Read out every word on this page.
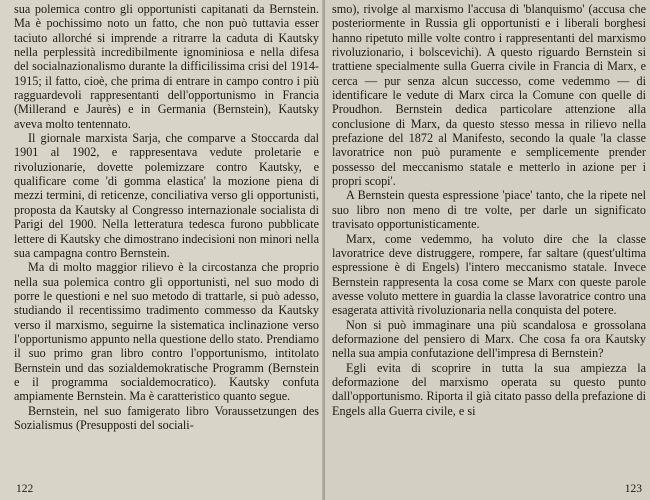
sua polemica contro gli opportunisti capitanati da Bernstein. Ma è pochissimo noto un fatto, che non può tuttavia esser taciuto allorché si imprende a ritrarre la caduta di Kautsky nella perplessità incredibilmente ignominiosa e nella difesa del socialnazionalismo durante la difficilissima crisi del 1914-1915; il fatto, cioè, che prima di entrare in campo contro i più ragguardevoli rappresentanti dell'opportunismo in Francia (Millerand e Jaurès) e in Germania (Bernstein), Kautsky aveva molto tentennato.

Il giornale marxista Sarja, che comparve a Stoccarda dal 1901 al 1902, e rappresentava vedute proletarie e rivoluzionarie, dovette polemizzare contro Kautsky, e qualificare come 'di gomma elastica' la mozione piena di mezzi termini, di reticenze, conciliativa verso gli opportunisti, proposta da Kautsky al Congresso internazionale socialista di Parigi del 1900. Nella letteratura tedesca furono pubblicate lettere di Kautsky che dimostrano indecisioni non minori nella sua campagna contro Bernstein.

Ma di molto maggior rilievo è la circostanza che proprio nella sua polemica contro gli opportunisti, nel suo modo di porre le questioni e nel suo metodo di trattarle, si può adesso, studiando il recentissimo tradimento commesso da Kautsky verso il marxismo, seguirne la sistematica inclinazione verso l'opportunismo appunto nella questione dello stato. Prendiamo il suo primo gran libro contro l'opportunismo, intitolato Bernstein und das sozialdemokratische Programm (Bernstein e il programma socialdemocratico). Kautsky confuta ampiamente Bernstein. Ma è caratteristico quanto segue.

Bernstein, nel suo famigerato libro Voraussetzungen des Sozialismus (Presupposti del sociali-

122

smo), rivolge al marxismo l'accusa di 'blanquismo' (accusa che posteriormente in Russia gli opportunisti e i liberali borghesi hanno ripetuto mille volte contro i rappresentanti del marxismo rivoluzionario, i bolscevichi). A questo riguardo Bernstein si trattiene specialmente sulla Guerra civile in Francia di Marx, e cerca — pur senza alcun successo, come vedemmo — di identificare le vedute di Marx circa la Comune con quelle di Proudhon. Bernstein dedica particolare attenzione alla conclusione di Marx, da questo stesso messa in rilievo nella prefazione del 1872 al Manifesto, secondo la quale 'la classe lavoratrice non può puramente e semplicemente prender possesso del meccanismo statale e metterlo in azione per i propri scopi'.

A Bernstein questa espressione 'piace' tanto, che la ripete nel suo libro non meno di tre volte, per darle un significato travisato opportunisticamente.

Marx, come vedemmo, ha voluto dire che la classe lavoratrice deve distruggere, rompere, far saltare (quest'ultima espressione è di Engels) l'intero meccanismo statale. Invece Bernstein rappresenta la cosa come se Marx con queste parole avesse voluto mettere in guardia la classe lavoratrice contro una esagerata attività rivoluzionaria nella conquista del potere.

Non si può immaginare una più scandalosa e grossolana deformazione del pensiero di Marx. Che cosa fa ora Kautsky nella sua ampia confutazione dell'impresa di Bernstein?

Egli evita di scoprire in tutta la sua ampiezza la deformazione del marxismo operata su questo punto dall'opportunismo. Riporta il già citato passo della prefazione di Engels alla Guerra civile, e si

123
